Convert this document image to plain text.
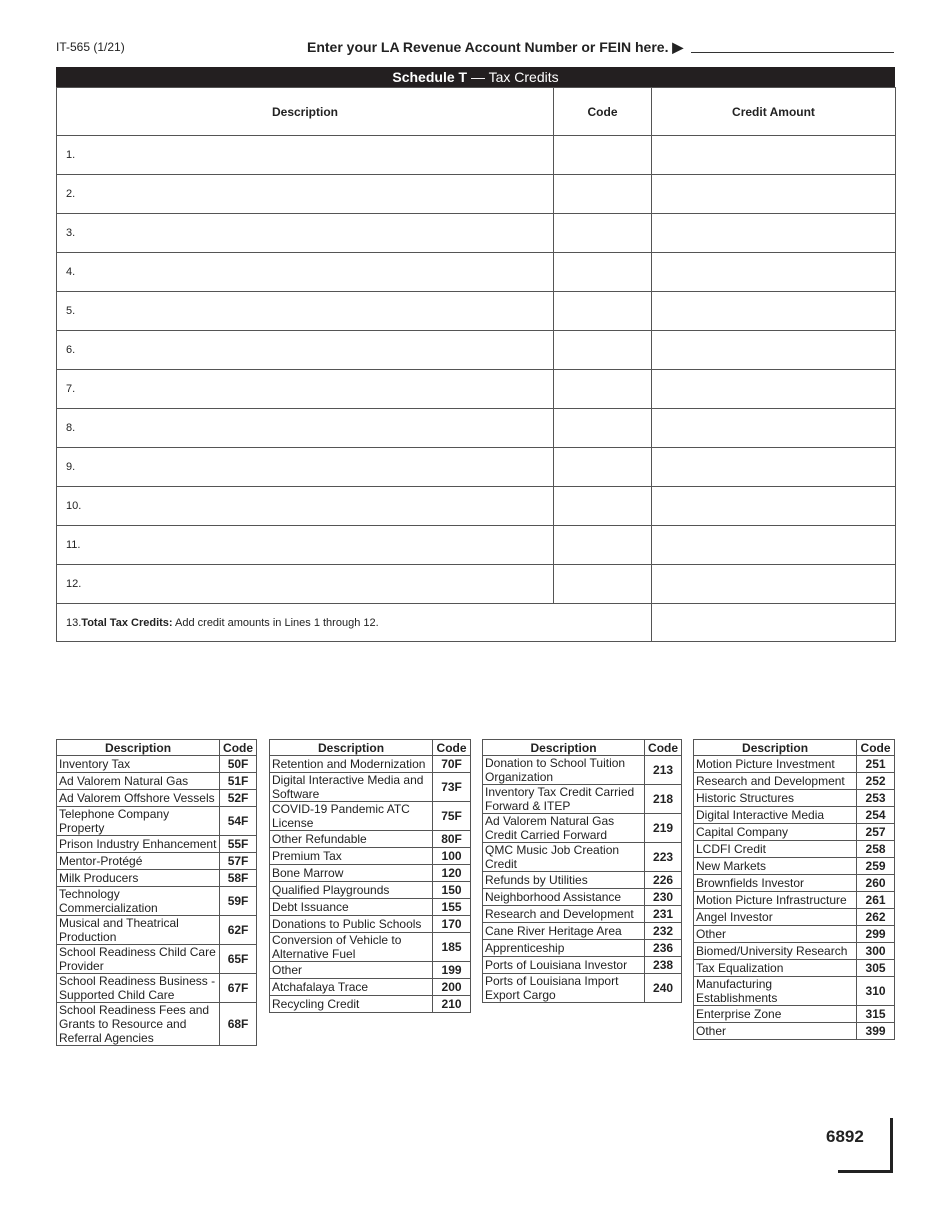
IT-565 (1/21)	Enter your LA Revenue Account Number or FEIN here. ▶
Schedule T — Tax Credits
Description	Code	Credit Amount
1.		
2.		
3.		
4.		
5.		
6.		
7.		
8.		
9.		
10.		
11.		
12.		
13.Total Tax Credits: Add credit amounts in Lines 1 through 12.		
Description	Code
Inventory Tax	50F
Ad Valorem Natural Gas	51F
Ad Valorem Offshore Vessels	52F
Telephone Company Property	54F
Prison Industry Enhancement	55F
Mentor-Protégé	57F
Milk Producers	58F
Technology Commercialization	59F
Musical and Theatrical Production	62F
School Readiness Child Care Provider	65F
School Readiness Business - Supported Child Care	67F
School Readiness Fees and Grants to Resource and Referral Agencies	68F
Description	Code
Retention and Modernization	70F
Digital Interactive Media and Software	73F
COVID-19 Pandemic ATC License	75F
Other Refundable	80F
Premium Tax	100
Bone Marrow	120
Qualified Playgrounds	150
Debt Issuance	155
Donations to Public Schools	170
Conversion of Vehicle to Alternative Fuel	185
Other	199
Atchafalaya Trace	200
Recycling Credit	210
Description	Code
Donation to School Tuition Organization	213
Inventory Tax Credit Carried Forward & ITEP	218
Ad Valorem Natural Gas Credit Carried Forward	219
QMC Music Job Creation Credit	223
Refunds by Utilities	226
Neighborhood Assistance	230
Research and Development	231
Cane River Heritage Area	232
Apprenticeship	236
Ports of Louisiana Investor	238
Ports of Louisiana Import Export Cargo	240
Description	Code
Motion Picture Investment	251
Research and Development	252
Historic Structures	253
Digital Interactive Media	254
Capital Company	257
LCDFI Credit	258
New Markets	259
Brownfields Investor	260
Motion Picture Infrastructure	261
Angel Investor	262
Other	299
Biomed/University Research	300
Tax Equalization	305
Manufacturing Establishments	310
Enterprise Zone	315
Other	399
6892
